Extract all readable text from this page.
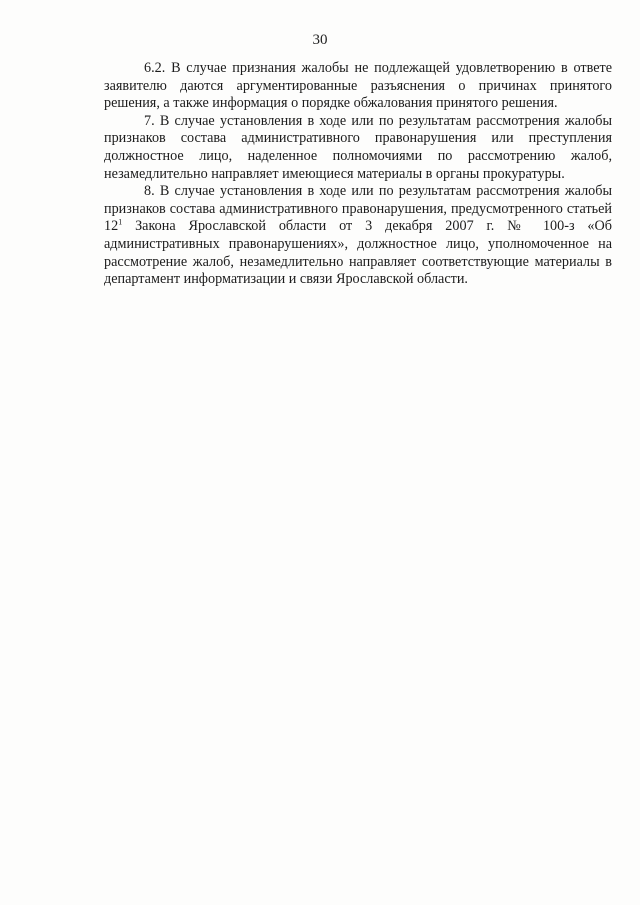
30

6.2. В случае признания жалобы не подлежащей удовлетворению в ответе заявителю даются аргументированные разъяснения о причинах принятого решения, а также информация о порядке обжалования принятого решения.

7. В случае установления в ходе или по результатам рассмотрения жалобы признаков состава административного правонарушения или преступления должностное лицо, наделенное полномочиями по рассмотрению жалоб, незамедлительно направляет имеющиеся материалы в органы прокуратуры.

8. В случае установления в ходе или по результатам рассмотрения жалобы признаков состава административного правонарушения, предусмотренного статьей $12^1$ Закона Ярославской области от 3 декабря 2007 г. № 100-з «Об административных правонарушениях», должностное лицо, уполномоченное на рассмотрение жалоб, незамедлительно направляет соответствующие материалы в департамент информатизации и связи Ярославской области.
